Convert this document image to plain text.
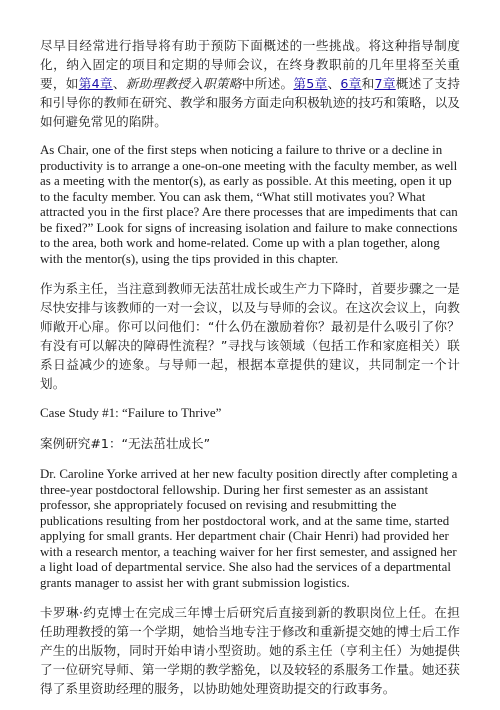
尽早目经常进行指导将有助于预防下面概述的一些挑战。将这种指导制度化，纳入固定的项目和定期的导师会议，在终身教职前的几年里将至关重要，如第4章、新助理教授入职策略中所述。第5章、6章和7章概述了支持和引导你的教师在研究、教学和服务方面走向积极轨迹的技巧和策略，以及如何避免常见的陷阱。

As Chair, one of the first steps when noticing a failure to thrive or a decline in productivity is to arrange a one-on-one meeting with the faculty member, as well as a meeting with the mentor(s), as early as possible. At this meeting, open it up to the faculty member. You can ask them, “What still motivates you? What attracted you in the first place? Are there processes that are impediments that can be fixed?” Look for signs of increasing isolation and failure to make connections to the area, both work and home-related. Come up with a plan together, along with the mentor(s), using the tips provided in this chapter.

作为系主任，当注意到教师无法茁壮成长或生产力下降时，首要步骤之一是尽快安排与该教师的一对一会议，以及与导师的会议。在这次会议上，向教师敞开心扉。你可以问他们：“什么仍在激励着你？最初是什么吸引了你？有没有可以解决的障碍性流程？”寻找与该领域（包括工作和家庭相关）联系日益减少的迹象。与导师一起，根据本章提供的建议，共同制定一个计划。

Case Study #1: “Failure to Thrive”

案例研究#1：“无法茁壮成长”

Dr. Caroline Yorke arrived at her new faculty position directly after completing a three-year postdoctoral fellowship. During her first semester as an assistant professor, she appropriately focused on revising and resubmitting the publications resulting from her postdoctoral work, and at the same time, started applying for small grants. Her department chair (Chair Henri) had provided her with a research mentor, a teaching waiver for her first semester, and assigned her a light load of departmental service. She also had the services of a departmental grants manager to assist her with grant submission logistics.

卡罗琳·约克博士在完成三年博士后研究后直接到新的教职岗位上任。在担任助理教授的第一个学期，她恰当地专注于修改和重新提交她的博士后工作产生的出版物，同时开始申请小型资助。她的系主任（亨利主任）为她提供了一位研究导师、第一学期的教学豁免，以及较轻的系服务工作量。她还获得了系里资助经理的服务，以协助她处理资助提交的行政事务。
